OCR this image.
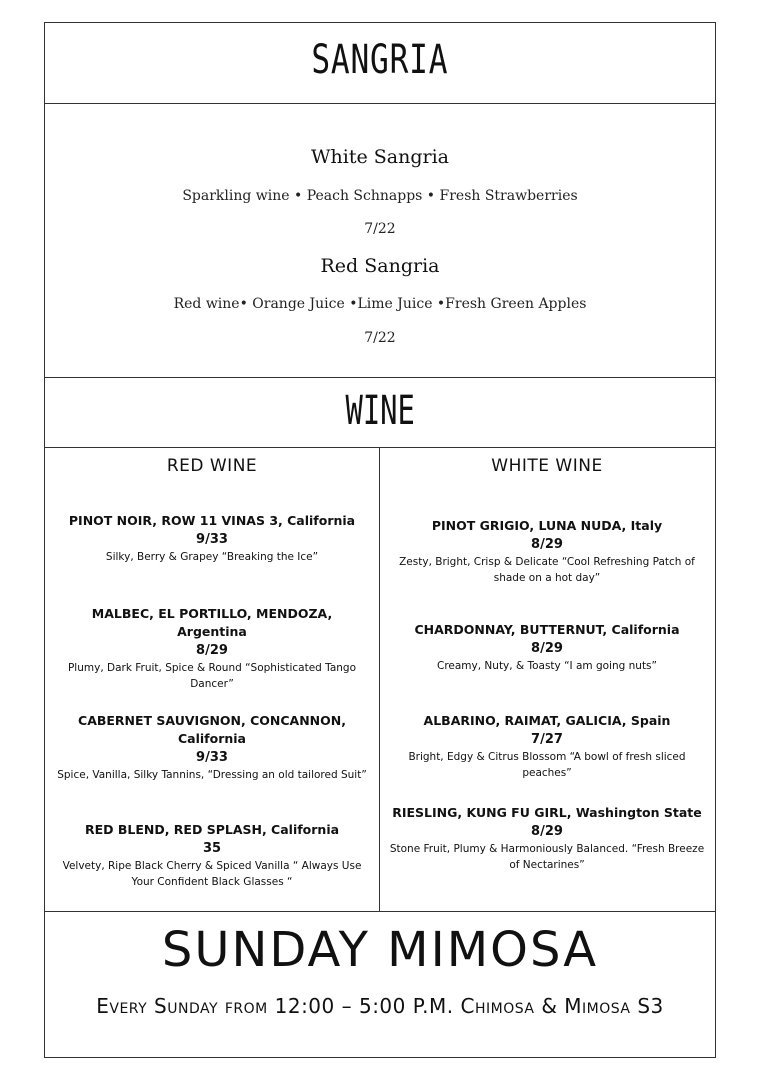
SANGRIA
White Sangria
Sparkling wine • Peach Schnapps • Fresh Strawberries
7/22
Red Sangria
Red wine• Orange Juice •Lime Juice •Fresh Green Apples
7/22
WINE
RED WINE
PINOT NOIR, ROW 11 VINAS 3, California
9/33
Silky, Berry & Grapey “Breaking the Ice”
MALBEC, EL PORTILLO, MENDOZA, Argentina
8/29
Plumy, Dark Fruit, Spice & Round “Sophisticated Tango Dancer”
CABERNET SAUVIGNON, CONCANNON, California
9/33
Spice, Vanilla, Silky Tannins, “Dressing an old tailored Suit”
RED BLEND, RED SPLASH, California
35
Velvety, Ripe Black Cherry & Spiced Vanilla “ Always Use Your Confident Black Glasses “
WHITE WINE
PINOT GRIGIO, LUNA NUDA, Italy
8/29
Zesty, Bright, Crisp & Delicate “Cool Refreshing Patch of shade on a hot day”
CHARDONNAY, BUTTERNUT, California
8/29
Creamy, Nuty, & Toasty “I am going nuts”
ALBARINO, RAIMAT, GALICIA, Spain
7/27
Bright, Edgy & Citrus Blossom “A bowl of fresh sliced peaches”
RIESLING, KUNG FU GIRL, Washington State
8/29
Stone Fruit, Plumy & Harmoniously Balanced. “Fresh Breeze of Nectarines”
SUNDAY MIMOSA
Every Sunday from 12:00 – 5:00 P.M. Chimosa & Mimosa S3
